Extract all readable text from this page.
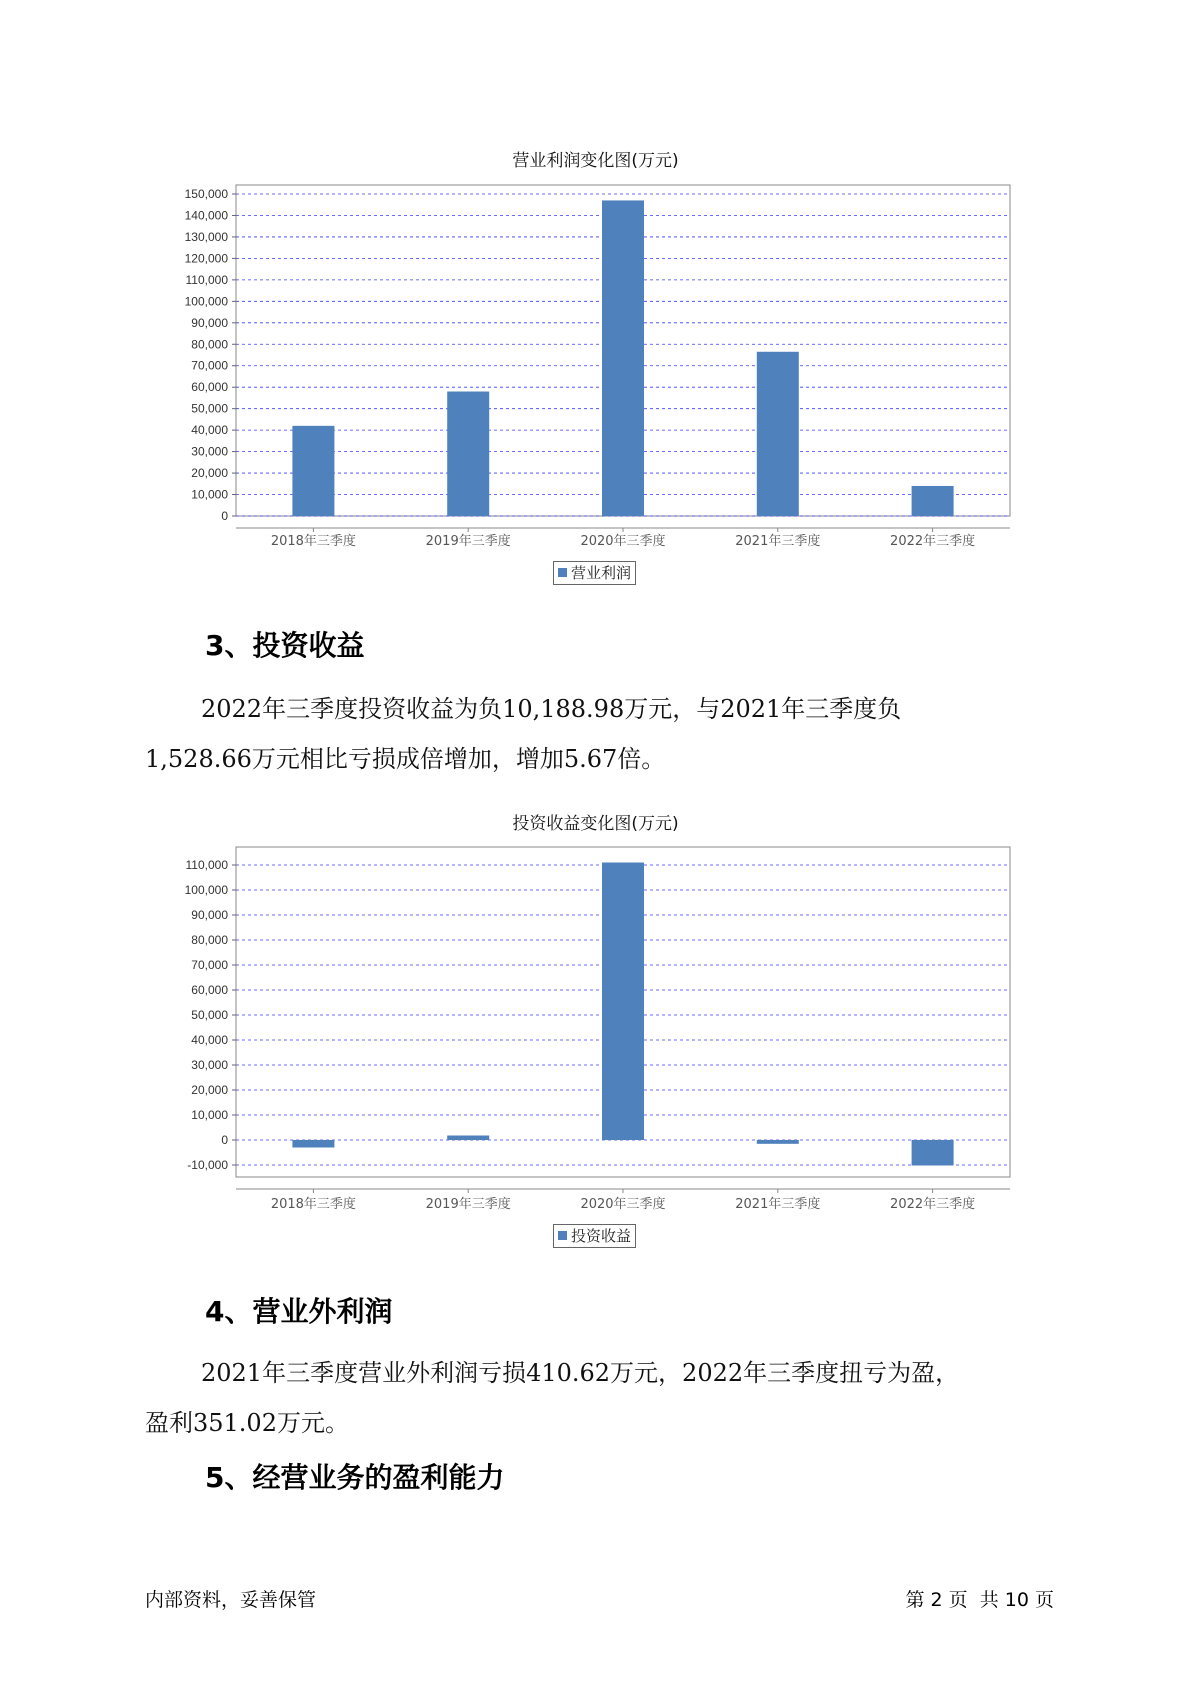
营业利润变化图(万元)
0
10,000
20,000
30,000
40,000
50,000
60,000
70,000
80,000
90,000
100,000
110,000
120,000
130,000
140,000
150,000
2018年三季度	2019年三季度	2020年三季度	2021年三季度	2022年三季度
营业利润
3、投资收益

2022年三季度投资收益为负10,188.98万元，与2021年三季度负
1,528.66万元相比亏损成倍增加，增加5.67倍。

投资收益变化图(万元)
-10,000
0
10,000
20,000
30,000
40,000
50,000
60,000
70,000
80,000
90,000
100,000
110,000
2018年三季度	2019年三季度	2020年三季度	2021年三季度	2022年三季度
投资收益
4、营业外利润

2021年三季度营业外利润亏损410.62万元，2022年三季度扭亏为盈，
盈利351.02万元。

5、经营业务的盈利能力
内部资料，妥善保管	第 2 页  共 10 页
